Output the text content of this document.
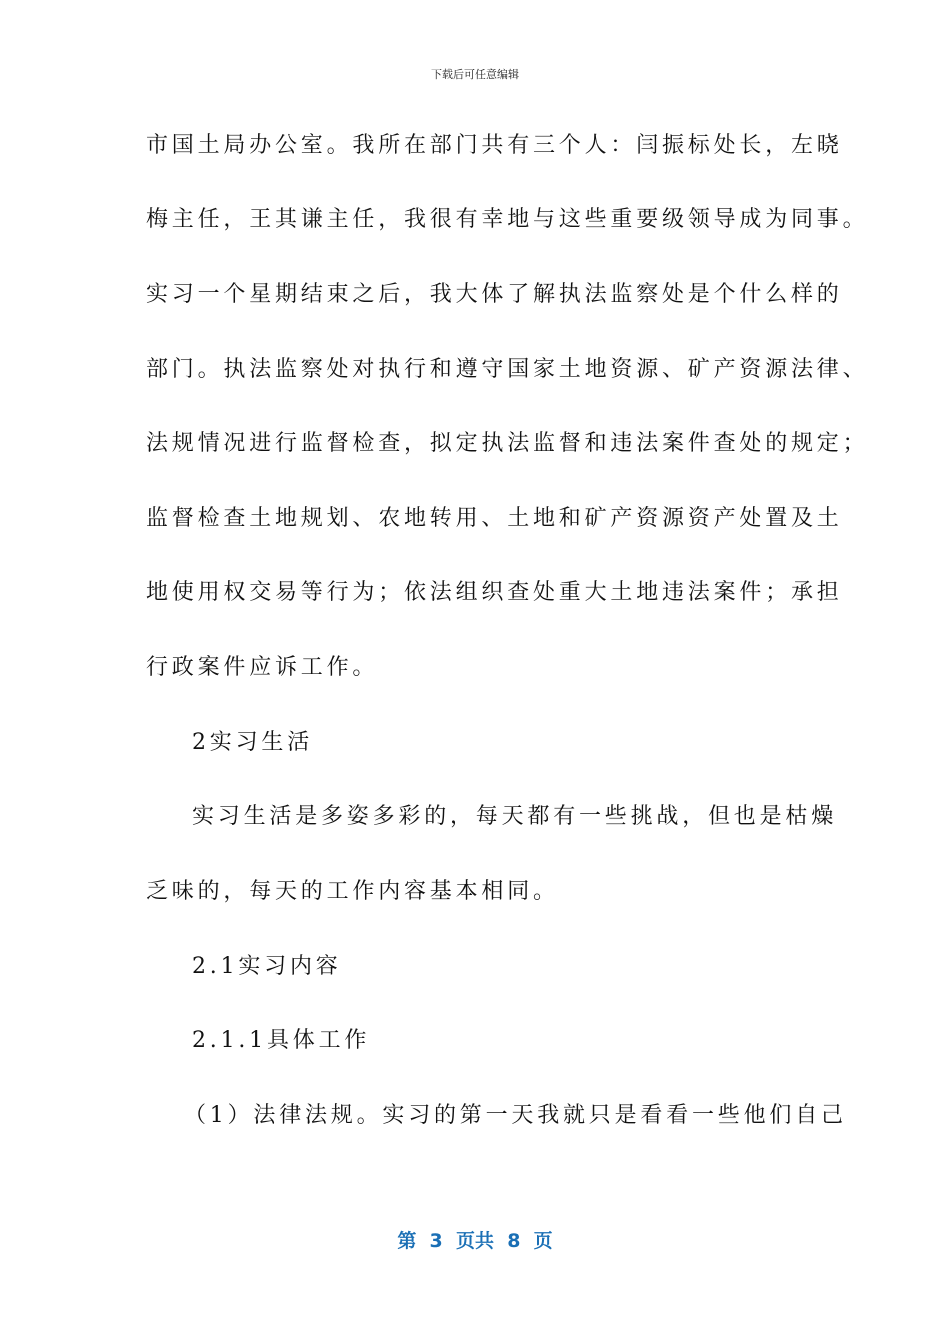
下载后可任意编辑
市国土局办公室。我所在部门共有三个人：闫振标处长，左晓
梅主任，王其谦主任，我很有幸地与这些重要级领导成为同事。
实习一个星期结束之后，我大体了解执法监察处是个什么样的
部门。执法监察处对执行和遵守国家土地资源、矿产资源法律、
法规情况进行监督检查，拟定执法监督和违法案件查处的规定；
监督检查土地规划、农地转用、土地和矿产资源资产处置及土
地使用权交易等行为；依法组织查处重大土地违法案件；承担
行政案件应诉工作。
2实习生活
实习生活是多姿多彩的，每天都有一些挑战，但也是枯燥
乏味的，每天的工作内容基本相同。
2.1实习内容
2.1.1具体工作
（1）法律法规。实习的第一天我就只是看看一些他们自己
第  3  页共  8  页
